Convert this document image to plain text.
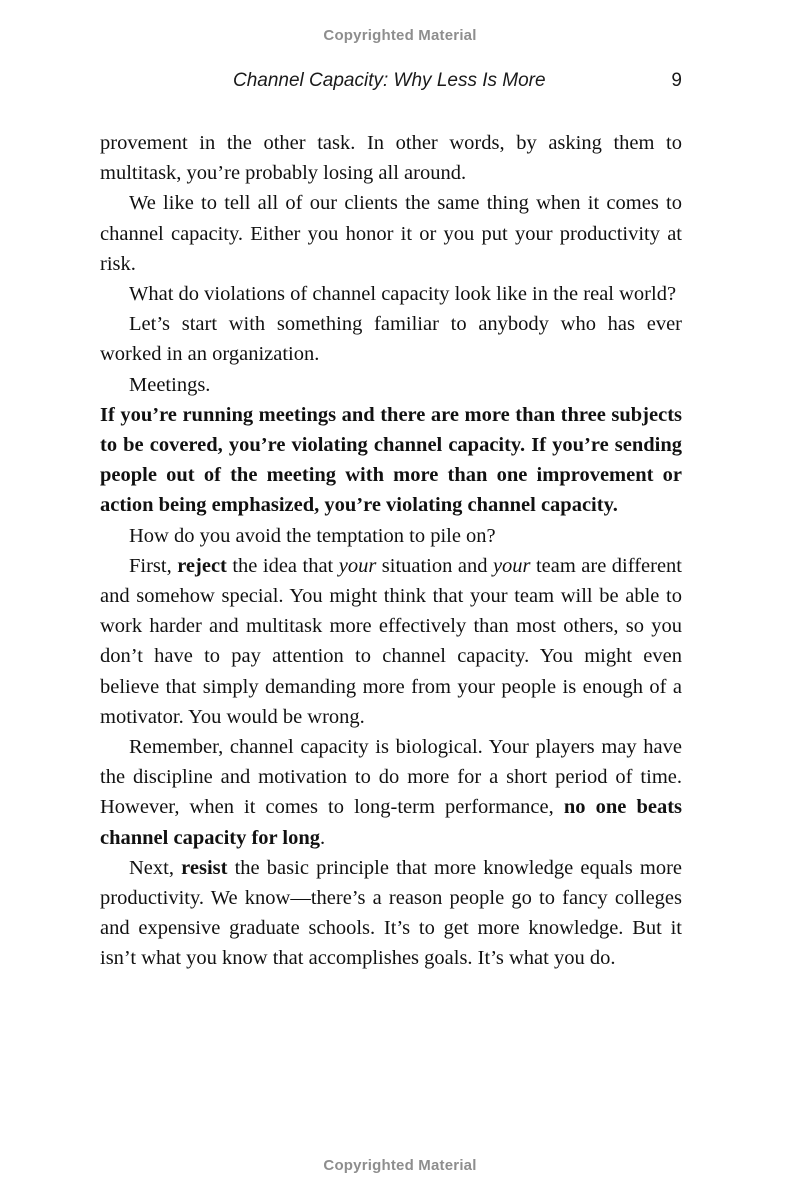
Copyrighted Material
Channel Capacity: Why Less Is More	9

provement in the other task. In other words, by asking them to multitask, you’re probably losing all around.

We like to tell all of our clients the same thing when it comes to channel capacity. Either you honor it or you put your productivity at risk.

What do violations of channel capacity look like in the real world?

Let’s start with something familiar to anybody who has ever worked in an organization.

Meetings.

If you’re running meetings and there are more than three subjects to be covered, you’re violating channel capacity. If you’re sending people out of the meeting with more than one improvement or action being emphasized, you’re violating channel capacity.

How do you avoid the temptation to pile on?

First, reject the idea that your situation and your team are different and somehow special. You might think that your team will be able to work harder and multitask more effectively than most others, so you don’t have to pay attention to channel capacity. You might even believe that simply demanding more from your people is enough of a motivator. You would be wrong.

Remember, channel capacity is biological. Your players may have the discipline and motivation to do more for a short period of time. However, when it comes to long-term performance, no one beats channel capacity for long.

Next, resist the basic principle that more knowledge equals more productivity. We know—there’s a reason people go to fancy colleges and expensive graduate schools. It’s to get more knowledge. But it isn’t what you know that accomplishes goals. It’s what you do.

Copyrighted Material
